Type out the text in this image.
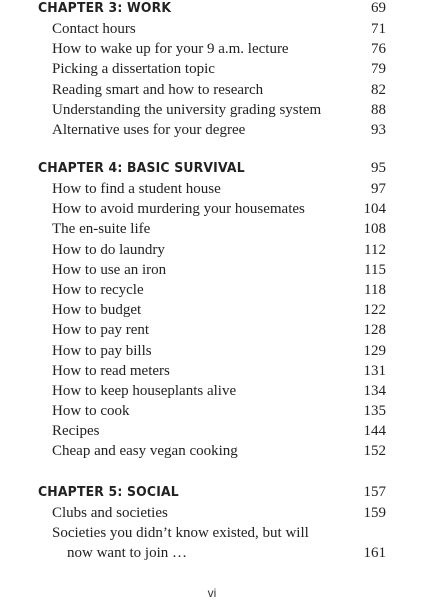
CHAPTER 3: WORK	69
Contact hours	71
How to wake up for your 9 a.m. lecture	76
Picking a dissertation topic	79
Reading smart and how to research	82
Understanding the university grading system	88
Alternative uses for your degree	93
CHAPTER 4: BASIC SURVIVAL	95
How to find a student house	97
How to avoid murdering your housemates	104
The en-suite life	108
How to do laundry	112
How to use an iron	115
How to recycle	118
How to budget	122
How to pay rent	128
How to pay bills	129
How to read meters	131
How to keep houseplants alive	134
How to cook	135
Recipes	144
Cheap and easy vegan cooking	152
CHAPTER 5: SOCIAL	157
Clubs and societies	159
Societies you didn’t know existed, but will
now want to join …	161
vi
